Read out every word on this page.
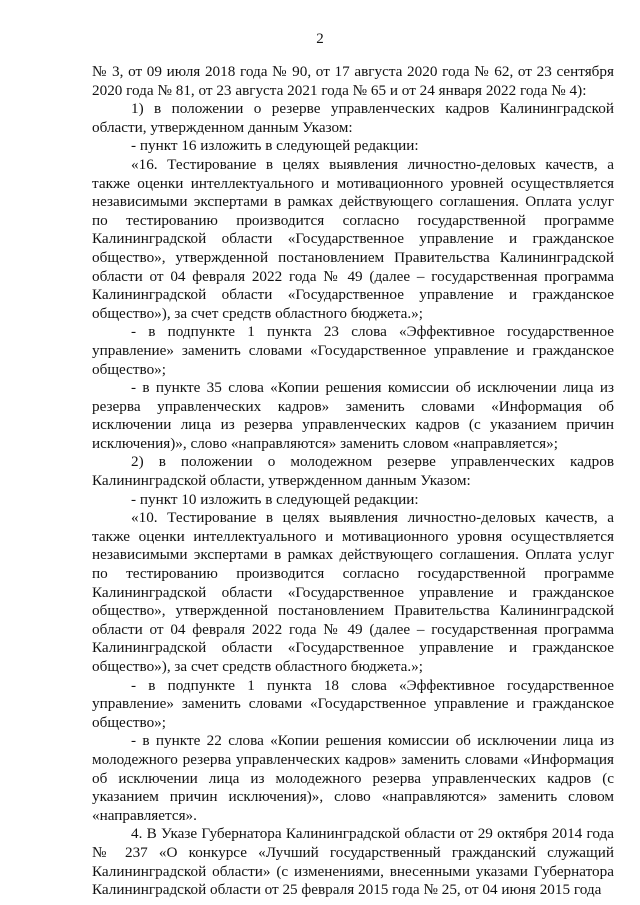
2

№ 3, от 09 июля 2018 года № 90, от 17 августа 2020 года № 62, от 23 сентября 2020 года № 81, от 23 августа 2021 года № 65 и от 24 января 2022 года № 4):

1) в положении о резерве управленческих кадров Калининградской области, утвержденном данным Указом:

- пункт 16 изложить в следующей редакции:

«16. Тестирование в целях выявления личностно-деловых качеств, а также оценки интеллектуального и мотивационного уровней осуществляется независимыми экспертами в рамках действующего соглашения. Оплата услуг по тестированию производится согласно государственной программе Калининградской области «Государственное управление и гражданское общество», утвержденной постановлением Правительства Калининградской области от 04 февраля 2022 года № 49 (далее – государственная программа Калининградской области «Государственное управление и гражданское общество»), за счет средств областного бюджета.»;

- в подпункте 1 пункта 23 слова «Эффективное государственное управление» заменить словами «Государственное управление и гражданское общество»;

- в пункте 35 слова «Копии решения комиссии об исключении лица из резерва управленческих кадров» заменить словами «Информация об исключении лица из резерва управленческих кадров (с указанием причин исключения)», слово «направляются» заменить словом «направляется»;

2) в положении о молодежном резерве управленческих кадров Калининградской области, утвержденном данным Указом:

- пункт 10 изложить в следующей редакции:

«10. Тестирование в целях выявления личностно-деловых качеств, а также оценки интеллектуального и мотивационного уровня осуществляется независимыми экспертами в рамках действующего соглашения. Оплата услуг по тестированию производится согласно государственной программе Калининградской области «Государственное управление и гражданское общество», утвержденной постановлением Правительства Калининградской области от 04 февраля 2022 года № 49 (далее – государственная программа Калининградской области «Государственное управление и гражданское общество»), за счет средств областного бюджета.»;

- в подпункте 1 пункта 18 слова «Эффективное государственное управление» заменить словами «Государственное управление и гражданское общество»;

- в пункте 22 слова «Копии решения комиссии об исключении лица из молодежного резерва управленческих кадров» заменить словами «Информация об исключении лица из молодежного резерва управленческих кадров (с указанием причин исключения)», слово «направляются» заменить словом «направляется».

4. В Указе Губернатора Калининградской области от 29 октября 2014 года № 237 «О конкурсе «Лучший государственный гражданский служащий Калининградской области» (с изменениями, внесенными указами Губернатора Калининградской области от 25 февраля 2015 года № 25, от 04 июня 2015 года
